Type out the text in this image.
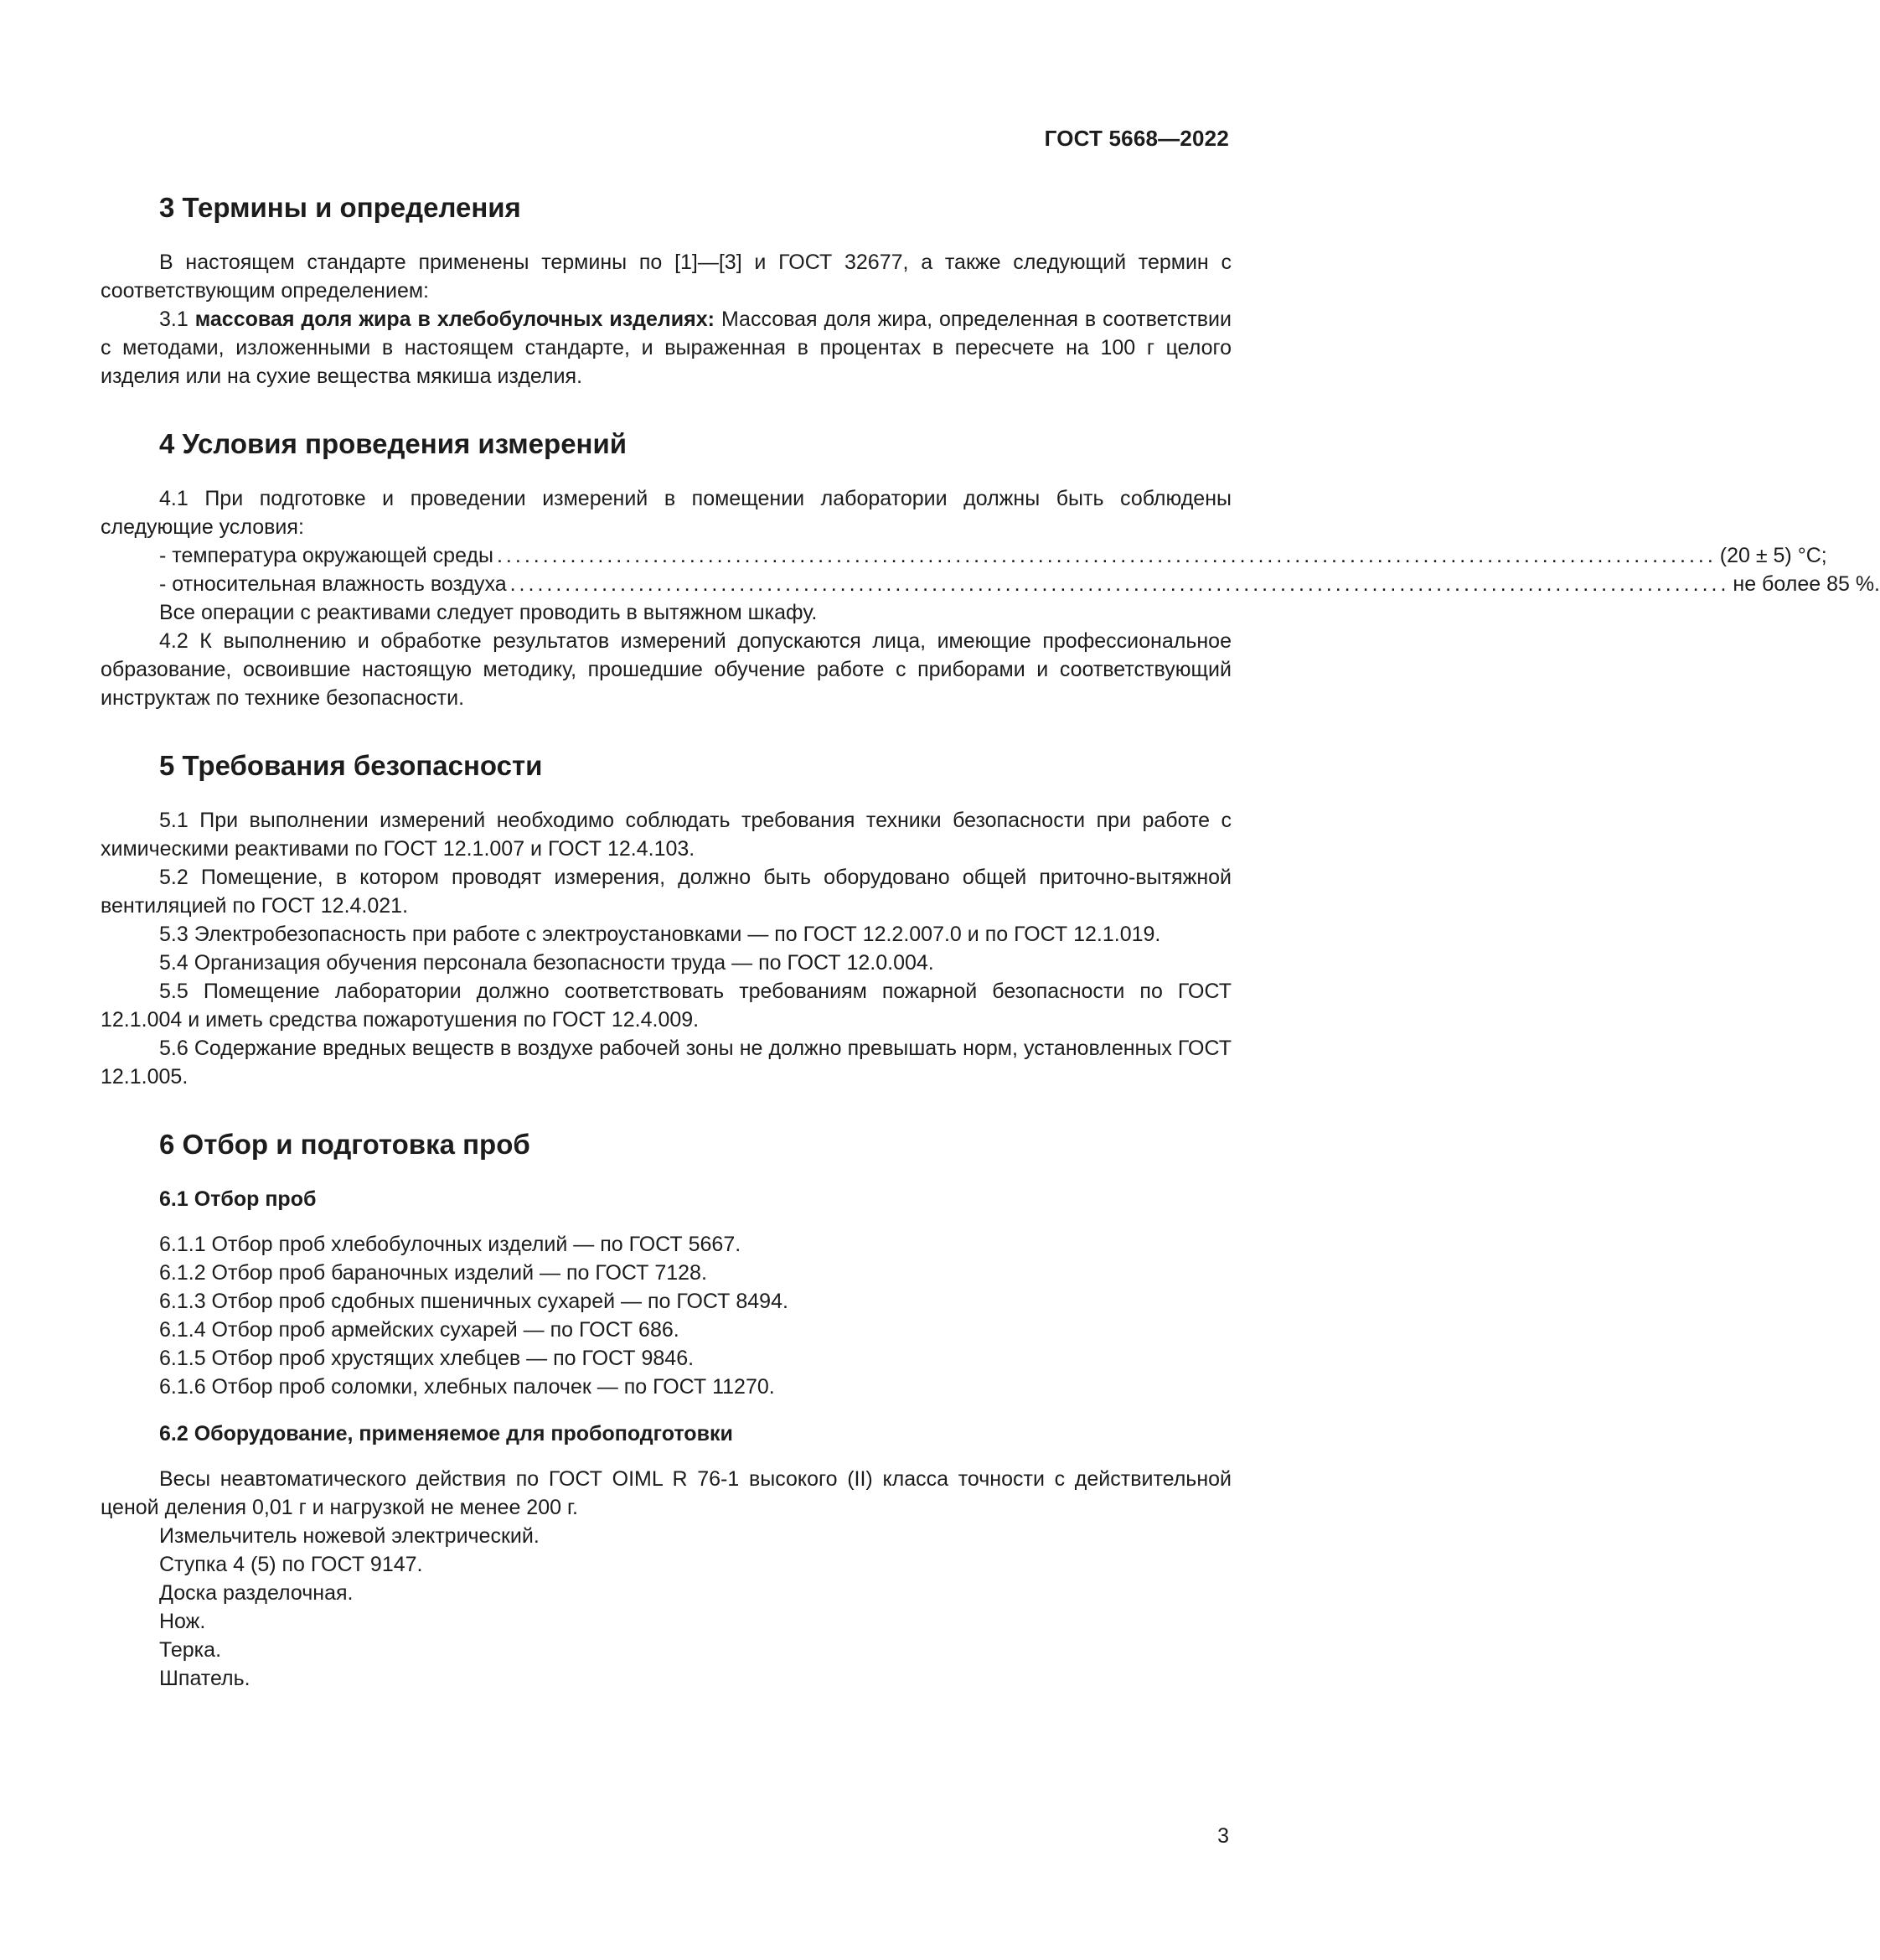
ГОСТ 5668—2022
3 Термины и определения

В настоящем стандарте применены термины по [1]—[3] и ГОСТ 32677, а также следующий термин с соответствующим определением:

3.1 массовая доля жира в хлебобулочных изделиях: Массовая доля жира, определенная в соответствии с методами, изложенными в настоящем стандарте, и выраженная в процентах в пересчете на 100 г целого изделия или на сухие вещества мякиша изделия.

4 Условия проведения измерений

4.1 При подготовке и проведении измерений в помещении лаборатории должны быть соблюдены следующие условия:

- температура окружающей среды ..................................................................................................................................... (20 ± 5) °С;
- относительная влажность воздуха ..................................................................................................................................... не более 85 %.

Все операции с реактивами следует проводить в вытяжном шкафу.

4.2 К выполнению и обработке результатов измерений допускаются лица, имеющие профессиональное образование, освоившие настоящую методику, прошедшие обучение работе с приборами и соответствующий инструктаж по технике безопасности.

5 Требования безопасности

5.1 При выполнении измерений необходимо соблюдать требования техники безопасности при работе с химическими реактивами по ГОСТ 12.1.007 и ГОСТ 12.4.103.

5.2 Помещение, в котором проводят измерения, должно быть оборудовано общей приточно-вытяжной вентиляцией по ГОСТ 12.4.021.

5.3 Электробезопасность при работе с электроустановками — по ГОСТ 12.2.007.0 и по ГОСТ 12.1.019.

5.4 Организация обучения персонала безопасности труда — по ГОСТ 12.0.004.

5.5 Помещение лаборатории должно соответствовать требованиям пожарной безопасности по ГОСТ 12.1.004 и иметь средства пожаротушения по ГОСТ 12.4.009.

5.6 Содержание вредных веществ в воздухе рабочей зоны не должно превышать норм, установленных ГОСТ 12.1.005.

6 Отбор и подготовка проб
6.1 Отбор проб

6.1.1 Отбор проб хлебобулочных изделий — по ГОСТ 5667.

6.1.2 Отбор проб бараночных изделий — по ГОСТ 7128.

6.1.3 Отбор проб сдобных пшеничных сухарей — по ГОСТ 8494.

6.1.4 Отбор проб армейских сухарей — по ГОСТ 686.

6.1.5 Отбор проб хрустящих хлебцев — по ГОСТ 9846.

6.1.6 Отбор проб соломки, хлебных палочек — по ГОСТ 11270.

6.2 Оборудование, применяемое для пробоподготовки

Весы неавтоматического действия по ГОСТ OIML R 76-1 высокого (II) класса точности с действительной ценой деления 0,01 г и нагрузкой не менее 200 г.

Измельчитель ножевой электрический.

Ступка 4 (5) по ГОСТ 9147.

Доска разделочная.

Нож.

Терка.

Шпатель.

3
